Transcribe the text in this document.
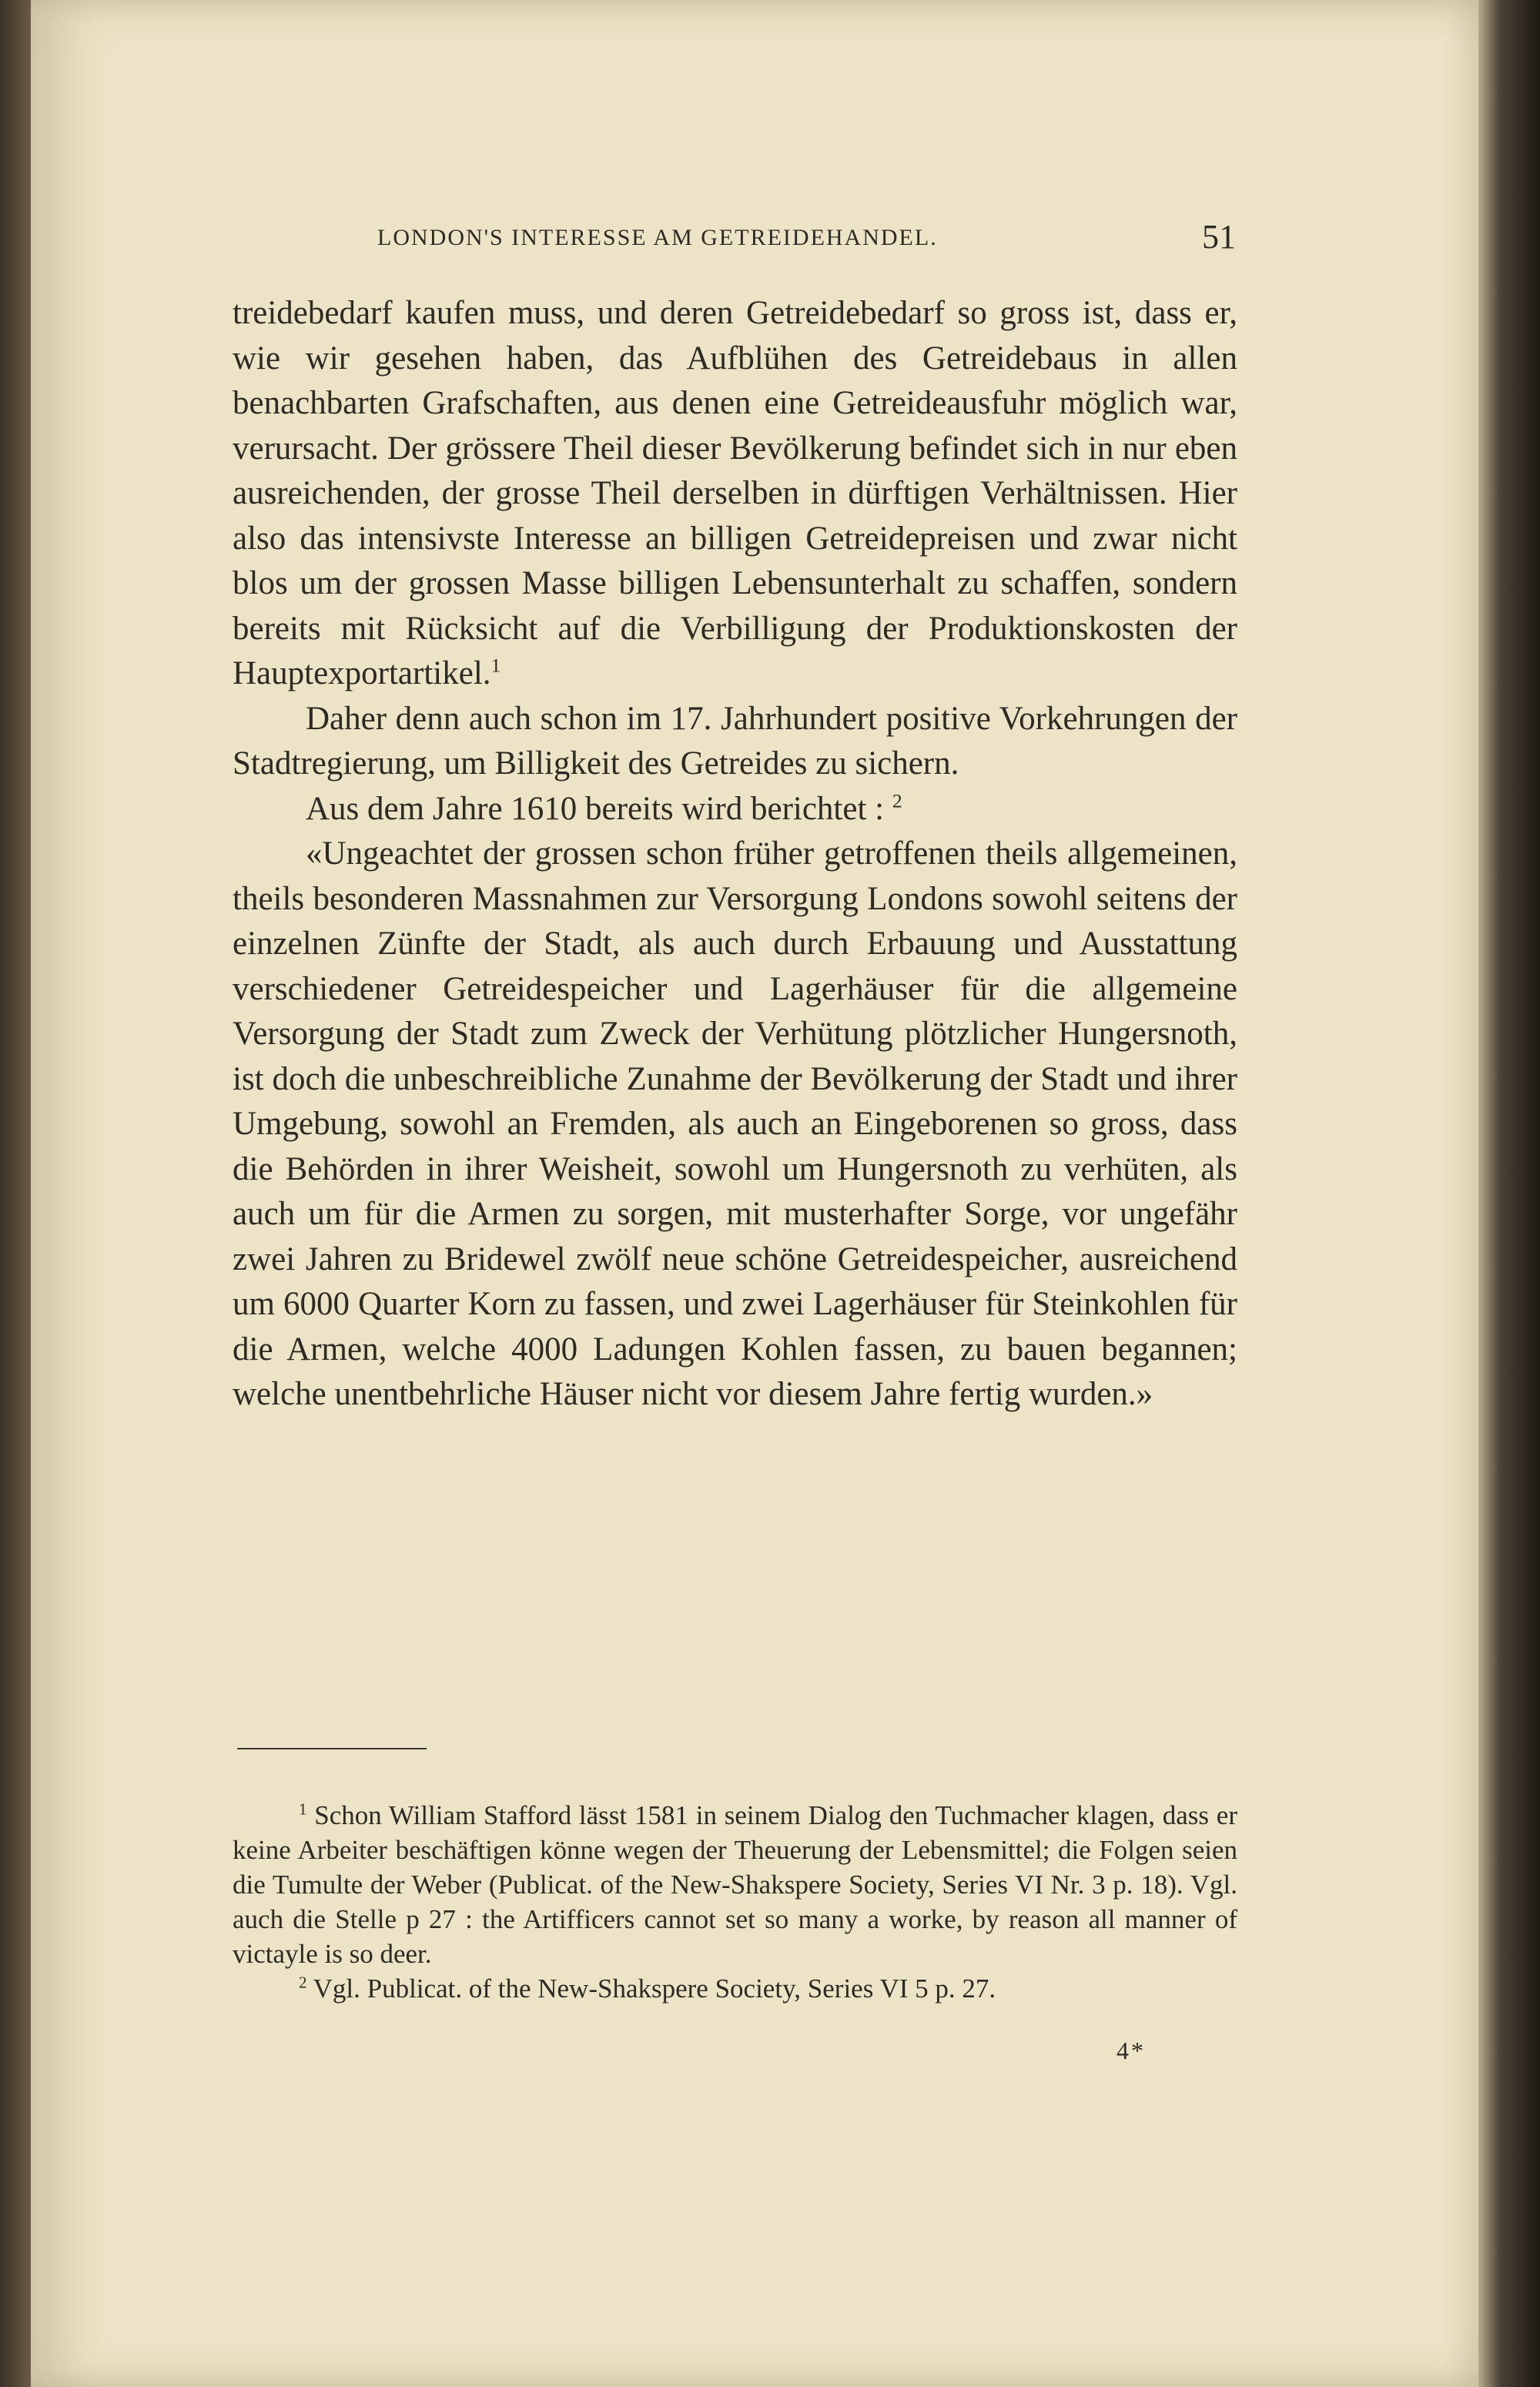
LONDON'S INTERESSE AM GETREIDEHANDEL.	51

treidebedarf kaufen muss, und deren Getreidebedarf so gross ist, dass er, wie wir gesehen haben, das Aufblühen des Getreidebaus in allen benachbarten Grafschaften, aus denen eine Getreideausfuhr möglich war, verursacht. Der grössere Theil dieser Bevölkerung befindet sich in nur eben ausreichenden, der grosse Theil derselben in dürftigen Verhältnissen. Hier also das intensivste Interesse an billigen Getreidepreisen und zwar nicht blos um der grossen Masse billigen Lebensunterhalt zu schaffen, sondern bereits mit Rücksicht auf die Verbilligung der Produktionskosten der Hauptexportartikel.$^1$

Daher denn auch schon im 17. Jahrhundert positive Vorkehrungen der Stadtregierung, um Billigkeit des Getreides zu sichern.

Aus dem Jahre 1610 bereits wird berichtet : $^2$

«Ungeachtet der grossen schon früher getroffenen theils allgemeinen, theils besonderen Massnahmen zur Versorgung Londons sowohl seitens der einzelnen Zünfte der Stadt, als auch durch Erbauung und Ausstattung verschiedener Getreidespeicher und Lagerhäuser für die allgemeine Versorgung der Stadt zum Zweck der Verhütung plötzlicher Hungersnoth, ist doch die unbeschreibliche Zunahme der Bevölkerung der Stadt und ihrer Umgebung, sowohl an Fremden, als auch an Eingeborenen so gross, dass die Behörden in ihrer Weisheit, sowohl um Hungersnoth zu verhüten, als auch um für die Armen zu sorgen, mit musterhafter Sorge, vor ungefähr zwei Jahren zu Bridewel zwölf neue schöne Getreidespeicher, ausreichend um 6000 Quarter Korn zu fassen, und zwei Lagerhäuser für Steinkohlen für die Armen, welche 4000 Ladungen Kohlen fassen, zu bauen begannen; welche unentbehrliche Häuser nicht vor diesem Jahre fertig wurden.»

$^1$ Schon William Stafford lässt 1581 in seinem Dialog den Tuchmacher klagen, dass er keine Arbeiter beschäftigen könne wegen der Theuerung der Lebensmittel; die Folgen seien die Tumulte der Weber (Publicat. of the New-Shakspere Society, Series VI Nr. 3 p. 18). Vgl. auch die Stelle p 27 : the Artifficers cannot set so many a worke, by reason all manner of victayle is so deer.

$^2$ Vgl. Publicat. of the New-Shakspere Society, Series VI 5 p. 27.

4*
